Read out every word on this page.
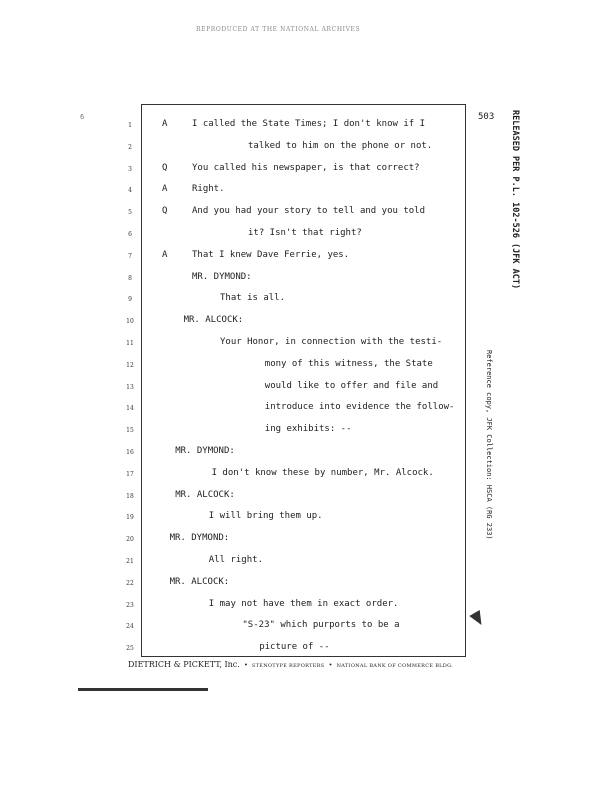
REPRODUCED AT THE NATIONAL ARCHIVES
6	503 RELEASED PER P.L. 102-526 (JFK ACT)
Reference copy, JFK Collection: HSCA (RG 233)
1	A	I called the State Times; I don't know if I
2	talked to him on the phone or not.
3	Q	You called his newspaper, is that correct?
4	A	Right.
5	Q	And you had your story to tell and you told
6	it? Isn't that right?
7	A	That I knew Dave Ferrie, yes.
8	MR. DYMOND:
9	That is all.
10	MR. ALCOCK:
11	Your Honor, in connection with the testi-
12	mony of this witness, the State
13	would like to offer and file and
14	introduce into evidence the follow-
15	ing exhibits: --
16	MR. DYMOND:
17	I don't know these by number, Mr. Alcock.
18	MR. ALCOCK:
19	I will bring them up.
20	MR. DYMOND:
21	All right.
22	MR. ALCOCK:
23	I may not have them in exact order.
24	"S-23" which purports to be a
25	picture of --
DIETRICH & PICKETT, Inc. • STENOTYPE REPORTERS • NATIONAL BANK OF COMMERCE BLDG.
